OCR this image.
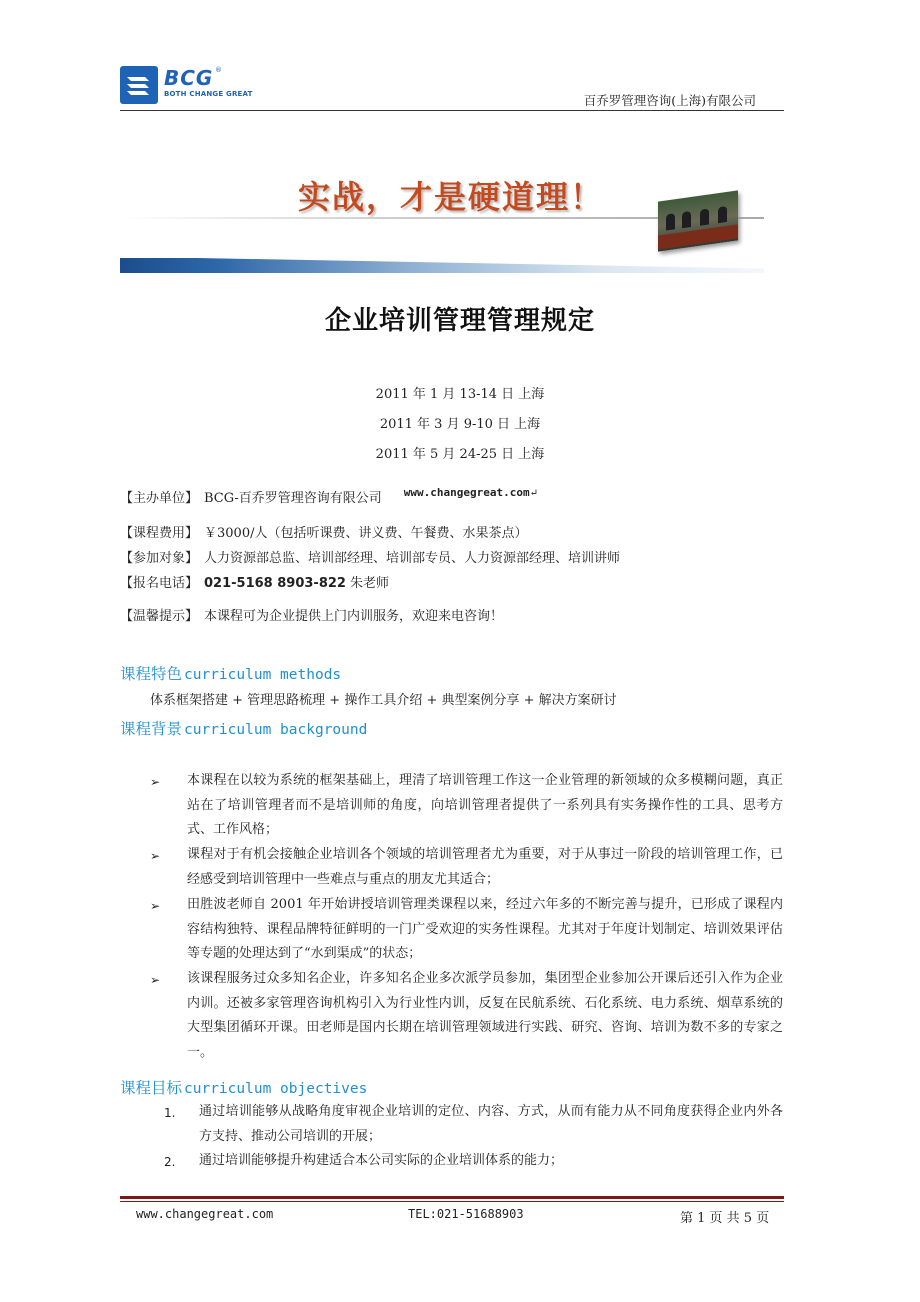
BCG ®
BOTH CHANGE GREAT	百乔罗管理咨询(上海)有限公司
实战，才是硬道理！
企业培训管理管理规定
2011 年 1 月 13-14 日 上海
2011 年 3 月 9-10 日 上海
2011 年 5 月 24-25 日 上海
【主办单位】 BCG-百乔罗管理咨询有限公司 $^{www.changegreat.com↵}$
【课程费用】 ￥3000/人（包括听课费、讲义费、午餐费、水果茶点）
【参加对象】 人力资源部总监、培训部经理、培训部专员、人力资源部经理、培训讲师
【报名电话】 021-5168 8903-822 朱老师
【温馨提示】 本课程可为企业提供上门内训服务，欢迎来电咨询！
课程特色 curriculum methods
体系框架搭建 + 管理思路梳理 + 操作工具介绍 + 典型案例分享 + 解决方案研讨
课程背景 curriculum background
➢	本课程在以较为系统的框架基础上，理清了培训管理工作这一企业管理的新领域的众多模糊问题，真正站在了培训管理者而不是培训师的角度，向培训管理者提供了一系列具有实务操作性的工具、思考方式、工作风格；
➢	课程对于有机会接触企业培训各个领域的培训管理者尤为重要，对于从事过一阶段的培训管理工作，已经感受到培训管理中一些难点与重点的朋友尤其适合；
➢	田胜波老师自 2001 年开始讲授培训管理类课程以来，经过六年多的不断完善与提升，已形成了课程内容结构独特、课程品牌特征鲜明的一门广受欢迎的实务性课程。尤其对于年度计划制定、培训效果评估等专题的处理达到了“水到渠成”的状态；
➢	该课程服务过众多知名企业，许多知名企业多次派学员参加，集团型企业参加公开课后还引入作为企业内训。还被多家管理咨询机构引入为行业性内训，反复在民航系统、石化系统、电力系统、烟草系统的大型集团循环开课。田老师是国内长期在培训管理领域进行实践、研究、咨询、培训为数不多的专家之一。
课程目标 curriculum objectives
1. 通过培训能够从战略角度审视企业培训的定位、内容、方式，从而有能力从不同角度获得企业内外各方支持、推动公司培训的开展；
2. 通过培训能够提升构建适合本公司实际的企业培训体系的能力；
www.changegreat.com	TEL:021-51688903	第 1 页 共 5 页
